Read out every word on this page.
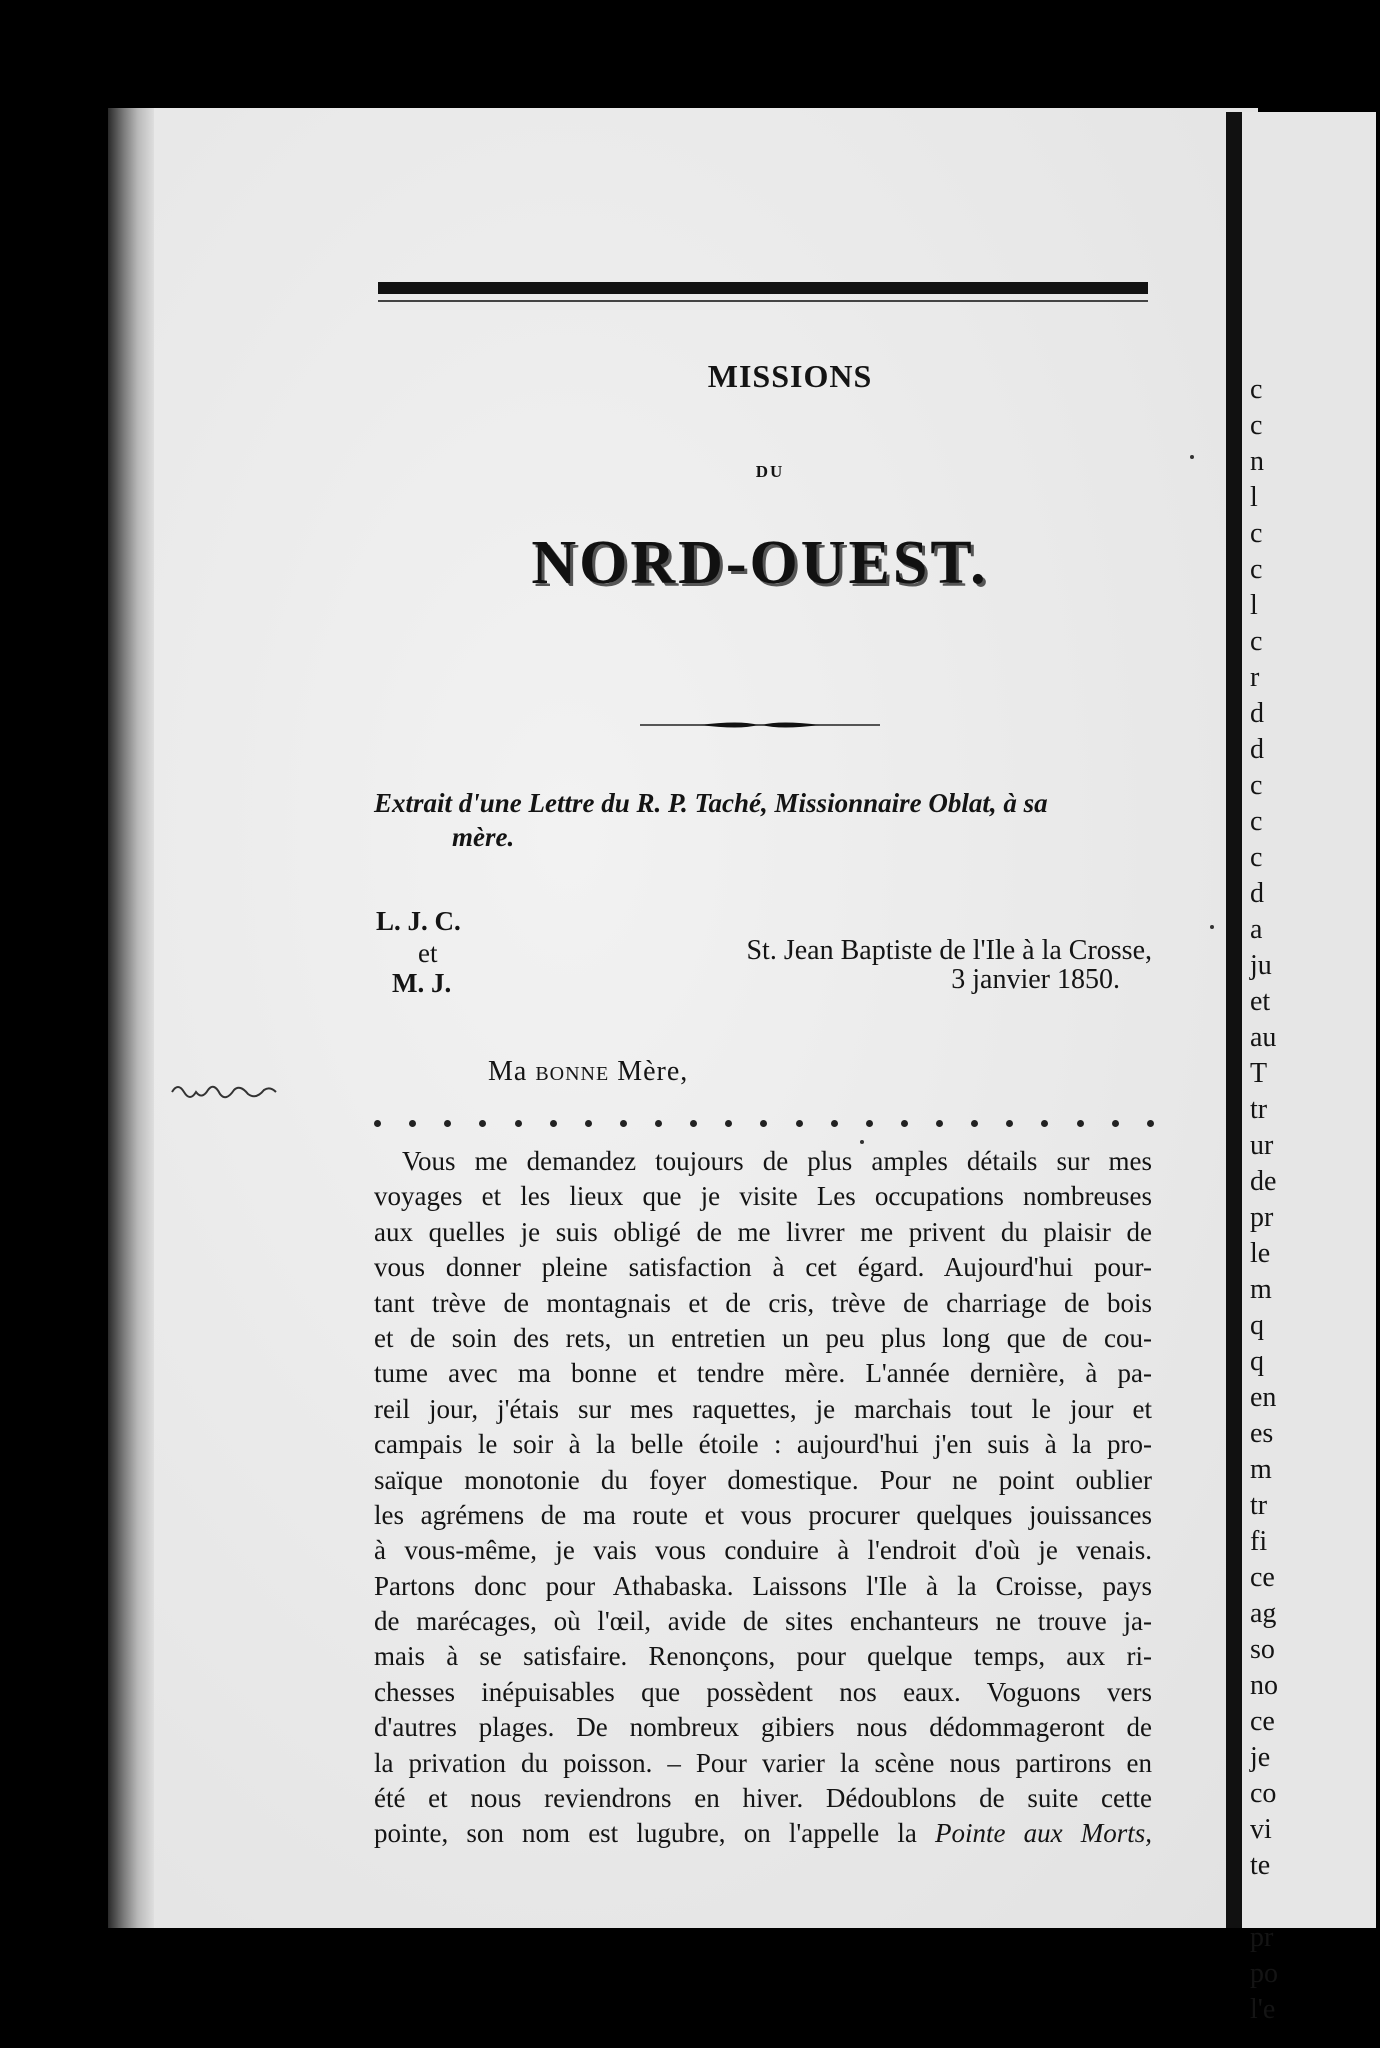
c
c
n
l
c
c
l
c
r
d
d
c
c
c
d
a
ju
et
au
T
tr
ur
de
pr
le
m
q
q
en
es
m
tr
fi
ce
ag
so
no
ce
je
co
vi
te
pr
po
l'e
MISSIONS
DU
NORD-OUEST.
Extrait d'une Lettre du R. P. Taché, Missionnaire Oblat, à sa
mère.
L. J. C.
et
M. J.
St. Jean Baptiste de l'Ile à la Crosse,
3 janvier 1850.
Ma bonne Mère,
Vous me demandez toujours de plus amples détails sur mes
voyages et les lieux que je visite Les occupations nombreuses
aux quelles je suis obligé de me livrer me privent du plaisir de
vous donner pleine satisfaction à cet égard. Aujourd'hui pour-
tant trève de montagnais et de cris, trève de charriage de bois
et de soin des rets, un entretien un peu plus long que de cou-
tume avec ma bonne et tendre mère. L'année dernière, à pa-
reil jour, j'étais sur mes raquettes, je marchais tout le jour et
campais le soir à la belle étoile : aujourd'hui j'en suis à la pro-
saïque monotonie du foyer domestique. Pour ne point oublier
les agrémens de ma route et vous procurer quelques jouissances
à vous-même, je vais vous conduire à l'endroit d'où je venais.
Partons donc pour Athabaska. Laissons l'Ile à la Croisse, pays
de marécages, où l'œil, avide de sites enchanteurs ne trouve ja-
mais à se satisfaire. Renonçons, pour quelque temps, aux ri-
chesses inépuisables que possèdent nos eaux. Voguons vers
d'autres plages. De nombreux gibiers nous dédommageront de
la privation du poisson. – Pour varier la scène nous partirons en
été et nous reviendrons en hiver. Dédoublons de suite cette
pointe, son nom est lugubre, on l'appelle la Pointe aux Morts,
